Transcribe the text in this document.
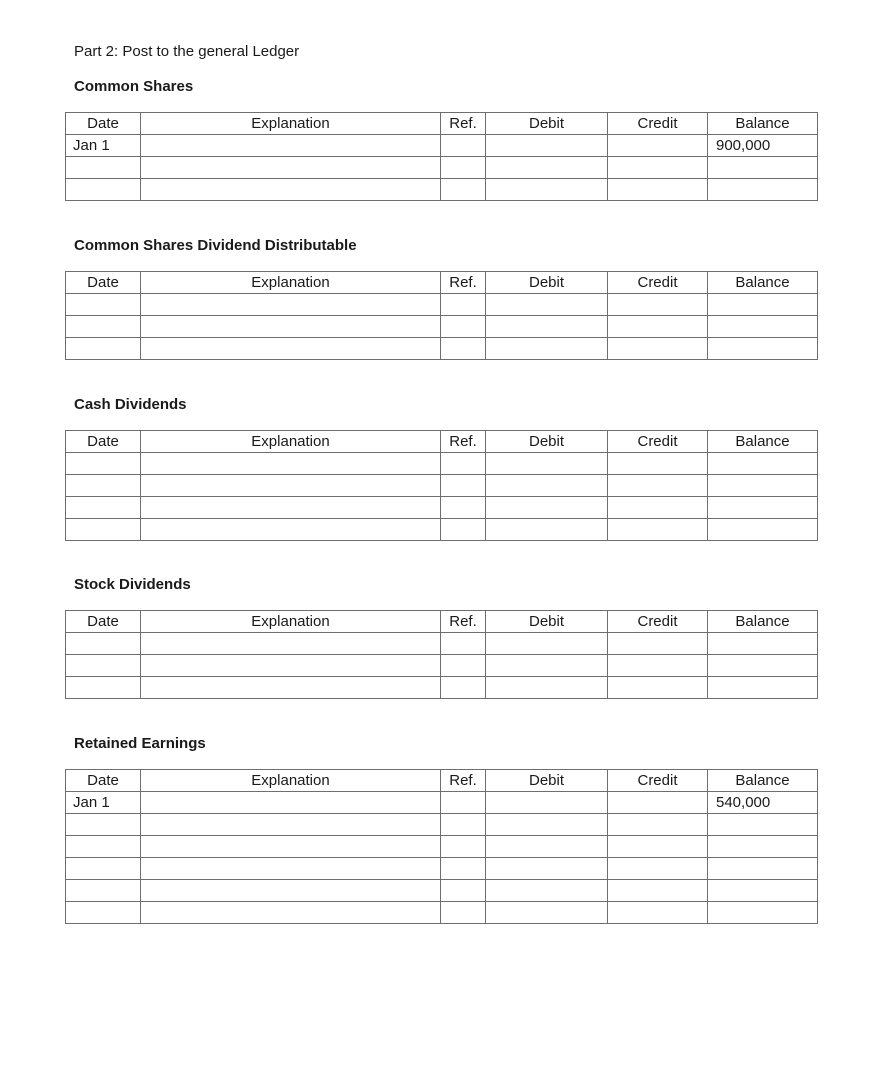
Part 2: Post to the general Ledger
Common Shares
Date	Explanation	Ref.	Debit	Credit	Balance
Jan 1					900,000

Common Shares Dividend Distributable
Date	Explanation	Ref.	Debit	Credit	Balance

Cash Dividends
Date	Explanation	Ref.	Debit	Credit	Balance

Stock Dividends
Date	Explanation	Ref.	Debit	Credit	Balance

Retained Earnings
Date	Explanation	Ref.	Debit	Credit	Balance
Jan 1					540,000
